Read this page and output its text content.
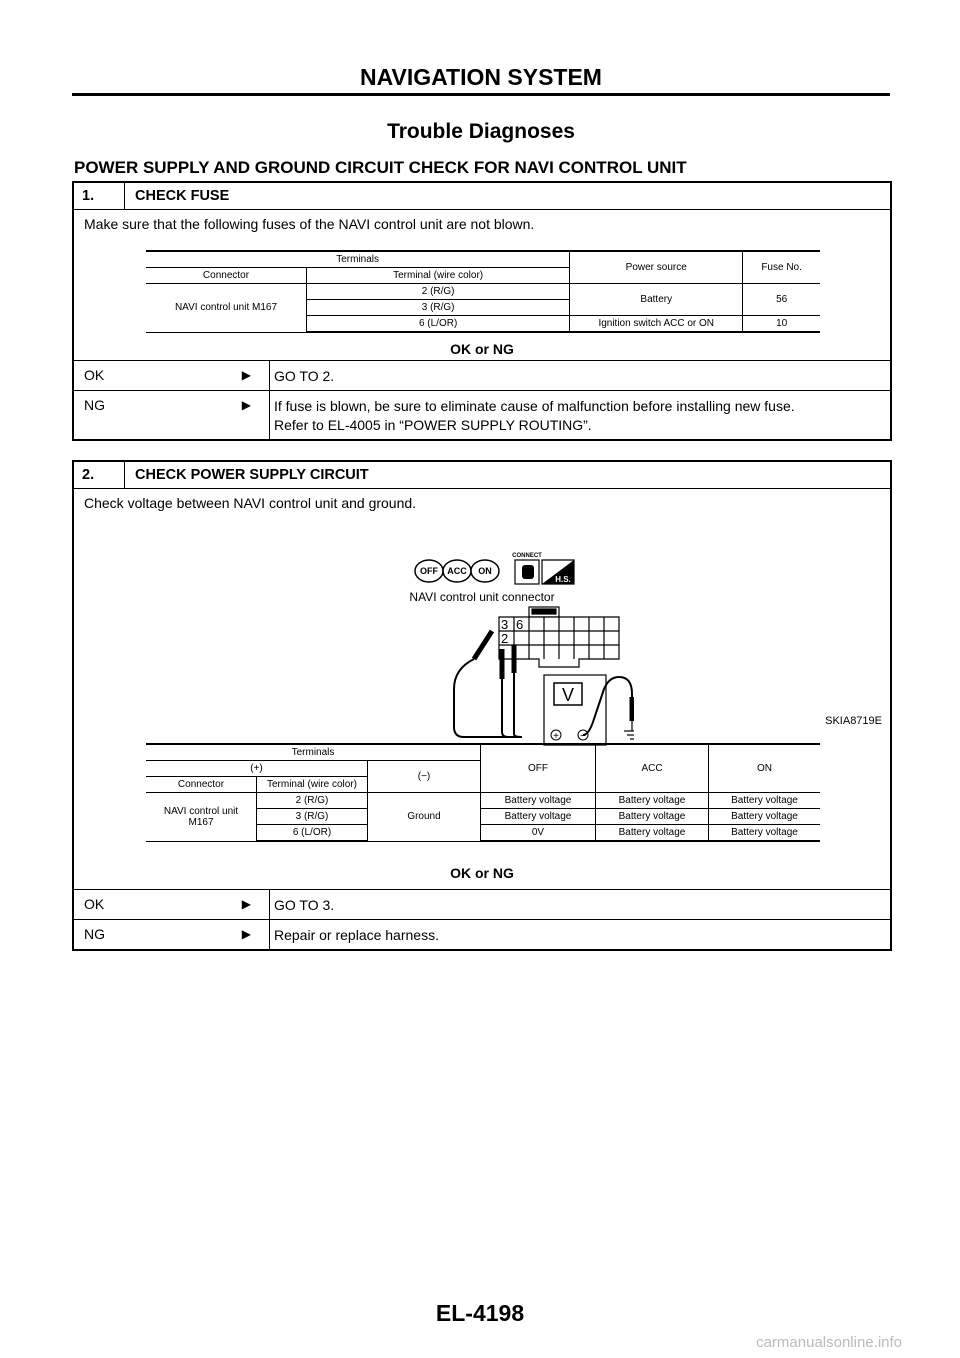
NAVIGATION SYSTEM
Trouble Diagnoses
POWER SUPPLY AND GROUND CIRCUIT CHECK FOR NAVI CONTROL UNIT
1.	CHECK FUSE
Make sure that the following fuses of the NAVI control unit are not blown.
Terminals		Power source	Fuse No.
Connector	Terminal (wire color)		
NAVI control unit M167	2 (R/G)	Battery	56
	3 (R/G)		
	6 (L/OR)	Ignition switch ACC or ON	10
OK or NG
OK	▶ GO TO 2.
NG	▶ If fuse is blown, be sure to eliminate cause of malfunction before installing new fuse.
Refer to EL-4005 in “POWER SUPPLY ROUTING”.
2.	CHECK POWER SUPPLY CIRCUIT
Check voltage between NAVI control unit and ground.
OFF ACC ON
CONNECT
H.S.
NAVI control unit connector
3 6
2
V
+ −
SKIA8719E
Terminals			OFF	ACC	ON
(+)		(−)			
Connector	Terminal (wire color)				

NAVI control unit
M167	2 (R/G)	Ground	Battery voltage	Battery voltage	Battery voltage
	3 (R/G)		Battery voltage	Battery voltage	Battery voltage
	6 (L/OR)		0V	Battery voltage	Battery voltage
OK or NG
OK	▶ GO TO 3.
NG	▶ Repair or replace harness.
EL-4198
carmanualsonline.info
